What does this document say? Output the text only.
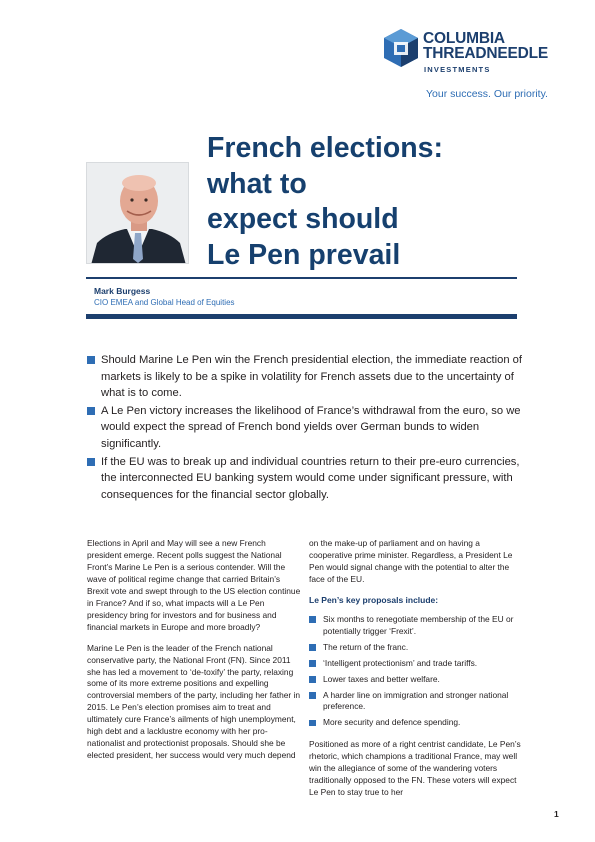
COLUMBIA
THREADNEEDLE
INVESTMENTS
Your success. Our priority.
French elections:
what to
expect should
Le Pen prevail
Mark Burgess
CIO EMEA and Global Head of Equities
Should Marine Le Pen win the French presidential election, the immediate reaction of markets is likely to be a spike in volatility for French assets due to the uncertainty of what is to come.
A Le Pen victory increases the likelihood of France’s withdrawal from the euro, so we would expect the spread of French bond yields over German bunds to widen significantly.
If the EU was to break up and individual countries return to their pre-euro currencies, the interconnected EU banking system would come under significant pressure, with consequences for the financial sector globally.

Elections in April and May will see a new French president emerge. Recent polls suggest the National Front’s Marine Le Pen is a serious contender. Will the wave of political regime change that carried Britain’s Brexit vote and swept through to the US election continue in France? And if so, what impacts will a Le Pen presidency bring for investors and for business and financial markets in Europe and more broadly?

Marine Le Pen is the leader of the French national conservative party, the National Front (FN). Since 2011 she has led a movement to ‘de-toxify’ the party, relaxing some of its more extreme positions and expelling controversial members of the party, including her father in 2015. Le Pen’s election promises aim to treat and ultimately cure France’s ailments of high unemployment, high debt and a lacklustre economy with her pro-nationalist and protectionist proposals. Should she be elected president, her success would very much depend

on the make-up of parliament and on having a cooperative prime minister. Regardless, a President Le Pen would signal change with the potential to alter the face of the EU.

Le Pen’s key proposals include:
Six months to renegotiate membership of the EU or potentially trigger ‘Frexit’.
The return of the franc.
‘Intelligent protectionism’ and trade tariffs.
Lower taxes and better welfare.
A harder line on immigration and stronger national preference.
More security and defence spending.

Positioned as more of a right centrist candidate, Le Pen’s rhetoric, which champions a traditional France, may well win the allegiance of some of the wandering voters traditionally opposed to the FN. These voters will expect Le Pen to stay true to her

1
